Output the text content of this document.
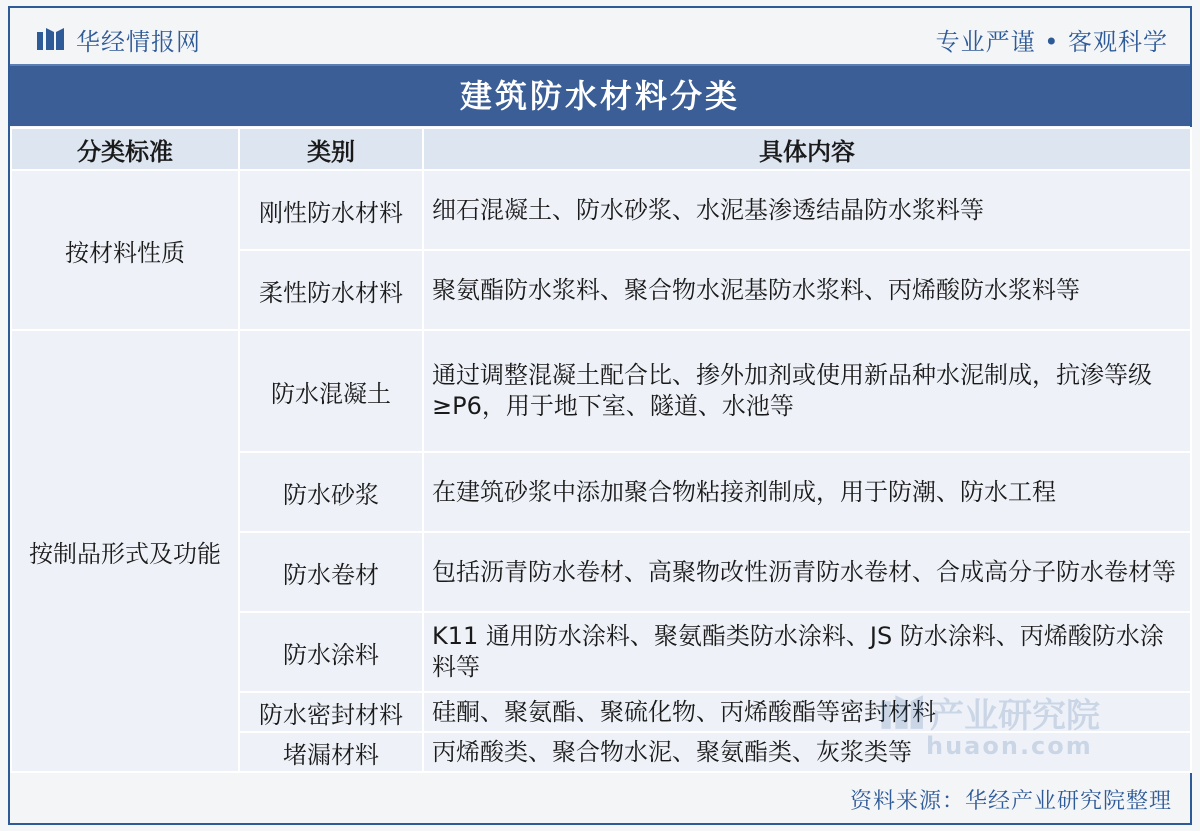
华经情报网	专业严谨 • 客观科学
建筑防水材料分类
分类标准	类别	具体内容
按材料性质	刚性防水材料	细石混凝土、防水砂浆、水泥基渗透结晶防水浆料等
	柔性防水材料	聚氨酯防水浆料、聚合物水泥基防水浆料、丙烯酸防水浆料等
按制品形式及功能	防水混凝土	通过调整混凝土配合比、掺外加剂或使用新品种水泥制成，抗渗等级≥P6，用于地下室、隧道、水池等
	防水砂浆	在建筑砂浆中添加聚合物粘接剂制成，用于防潮、防水工程
	防水卷材	包括沥青防水卷材、高聚物改性沥青防水卷材、合成高分子防水卷材等
	防水涂料	K11 通用防水涂料、聚氨酯类防水涂料、JS 防水涂料、丙烯酸防水涂料等
	防水密封材料	硅酮、聚氨酯、聚硫化物、丙烯酸酯等密封材料
	堵漏材料	丙烯酸类、聚合物水泥、聚氨酯类、灰浆类等
资料来源：华经产业研究院整理
